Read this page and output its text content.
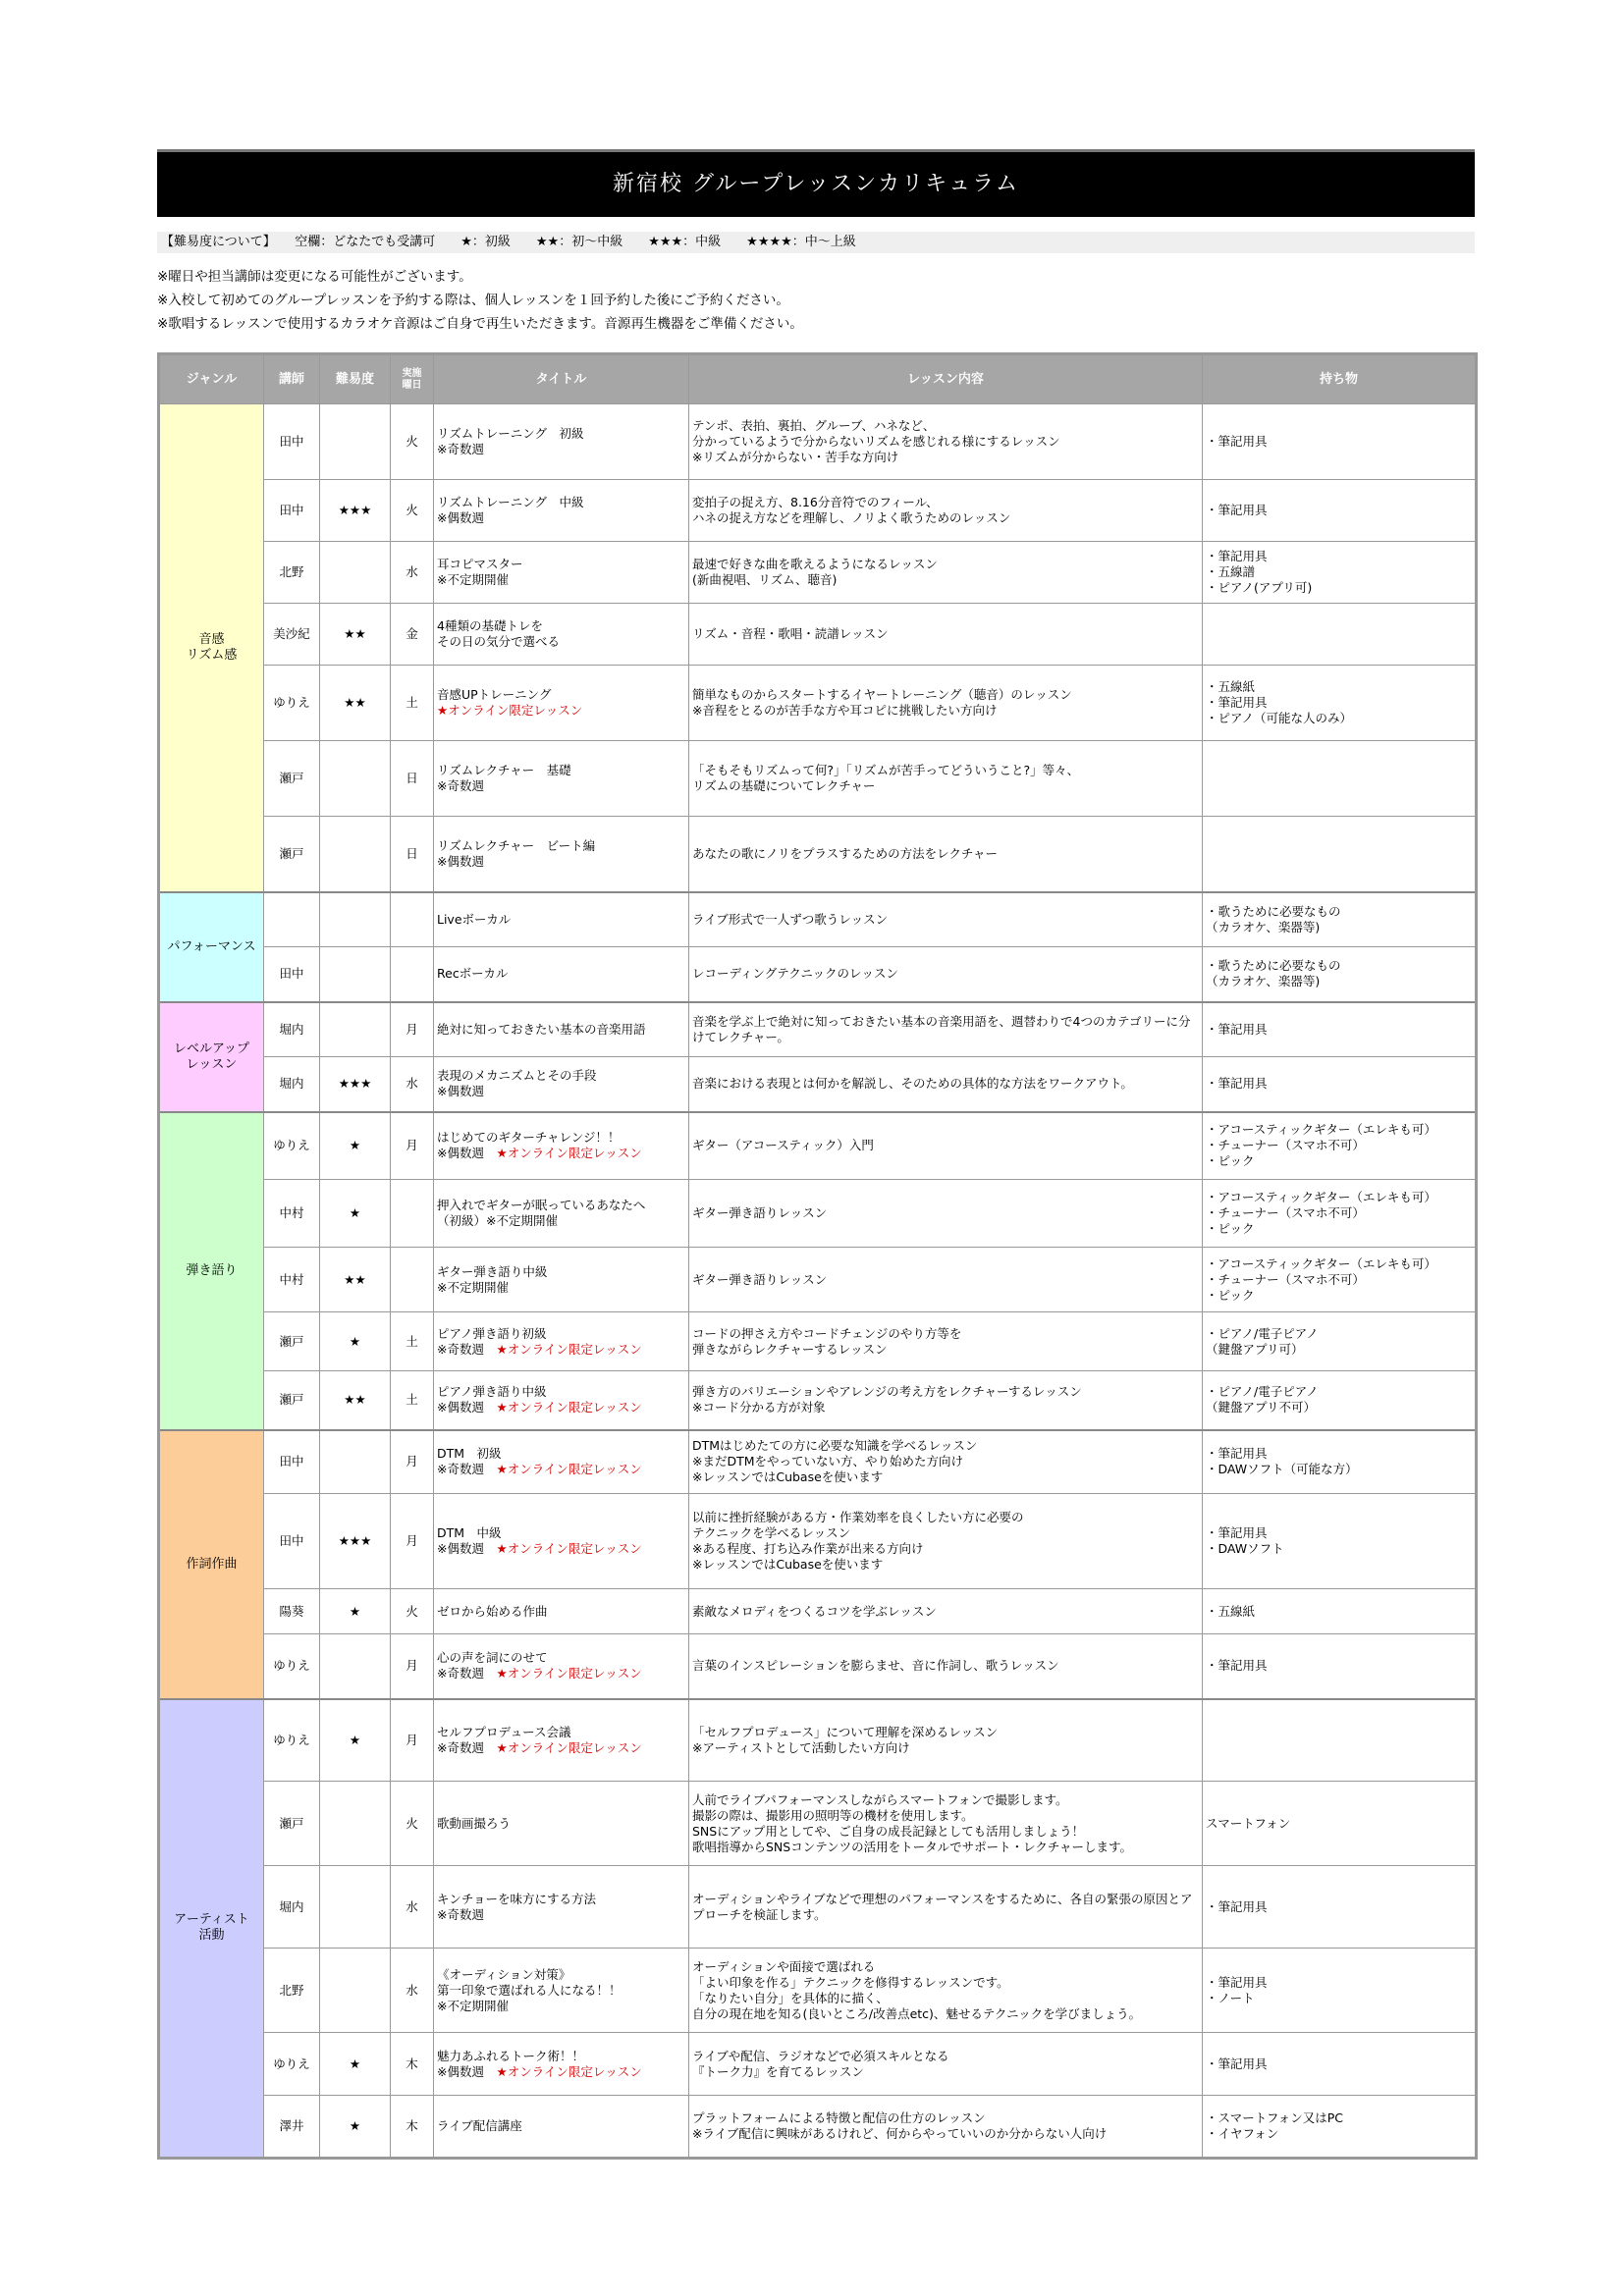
新宿校 グループレッスンカリキュラム
【難易度について】　　空欄：どなたでも受講可　　★：初級　　★★：初〜中級　　★★★：中級　　★★★★：中〜上級
※曜日や担当講師は変更になる可能性がございます。
※入校して初めてのグループレッスンを予約する際は、個人レッスンを１回予約した後にご予約ください。
※歌唱するレッスンで使用するカラオケ音源はご自身で再生いただきます。音源再生機器をご準備ください。
ジャンル	講師	難易度	実施
曜日	タイトル	レッスン内容	持ち物
音感
リズム感	田中		火	リズムトレーニング　初級
※奇数週	テンポ、表拍、裏拍、グルーブ、ハネなど、
分かっているようで分からないリズムを感じれる様にするレッスン
※リズムが分からない・苦手な方向け	・筆記用具
	田中	★★★	火	リズムトレーニング　中級
※偶数週	変拍子の捉え方、8.16分音符でのフィール、
ハネの捉え方などを理解し、ノリよく歌うためのレッスン	・筆記用具
	北野		水	耳コピマスター
※不定期開催	最速で好きな曲を歌えるようになるレッスン
(新曲視唱、リズム、聴音)	・筆記用具
・五線譜
・ピアノ(アプリ可)
	美沙紀	★★	金	4種類の基礎トレを
その日の気分で選べる	リズム・音程・歌唱・読譜レッスン	
	ゆりえ	★★	土	音感UPトレーニング
★オンライン限定レッスン	簡単なものからスタートするイヤートレーニング（聴音）のレッスン
※音程をとるのが苦手な方や耳コピに挑戦したい方向け	・五線紙
・筆記用具
・ピアノ（可能な人のみ）
	瀬戸		日	リズムレクチャー　基礎
※奇数週	「そもそもリズムって何?」「リズムが苦手ってどういうこと?」等々、
リズムの基礎についてレクチャー	
	瀬戸		日	リズムレクチャー　ビート編
※偶数週	あなたの歌にノリをプラスするための方法をレクチャー	
パフォーマンス				Liveボーカル	ライブ形式で一人ずつ歌うレッスン	・歌うために必要なもの
（カラオケ、楽器等)
	田中			Recボーカル	レコーディングテクニックのレッスン	・歌うために必要なもの
（カラオケ、楽器等)
レベルアップ
レッスン	堀内		月	絶対に知っておきたい基本の音楽用語	音楽を学ぶ上で絶対に知っておきたい基本の音楽用語を、週替わりで4つのカテゴリーに分けてレクチャー。	・筆記用具
	堀内	★★★	水	表現のメカニズムとその手段
※偶数週	音楽における表現とは何かを解説し、そのための具体的な方法をワークアウト。	・筆記用具
弾き語り	ゆりえ	★	月	はじめてのギターチャレンジ！！
※偶数週　★オンライン限定レッスン	ギター（アコースティック）入門	・アコースティックギター（エレキも可）
・チューナー（スマホ不可）
・ピック
	中村	★		押入れでギターが眠っているあなたへ
（初級）※不定期開催	ギター弾き語りレッスン	・アコースティックギター（エレキも可）
・チューナー（スマホ不可）
・ピック
	中村	★★		ギター弾き語り中級
※不定期開催	ギター弾き語りレッスン	・アコースティックギター（エレキも可）
・チューナー（スマホ不可）
・ピック
	瀬戸	★	土	ピアノ弾き語り初級
※奇数週　★オンライン限定レッスン	コードの押さえ方やコードチェンジのやり方等を
弾きながらレクチャーするレッスン	・ピアノ/電子ピアノ
（鍵盤アプリ可）
	瀬戸	★★	土	ピアノ弾き語り中級
※偶数週　★オンライン限定レッスン	弾き方のバリエーションやアレンジの考え方をレクチャーするレッスン
※コード分かる方が対象	・ピアノ/電子ピアノ
（鍵盤アプリ不可）
作詞作曲	田中		月	DTM　初級
※奇数週　★オンライン限定レッスン	DTMはじめたての方に必要な知識を学べるレッスン
※まだDTMをやっていない方、やり始めた方向け
※レッスンではCubaseを使います	・筆記用具
・DAWソフト（可能な方）
	田中	★★★	月	DTM　中級
※偶数週　★オンライン限定レッスン	以前に挫折経験がある方・作業効率を良くしたい方に必要の
テクニックを学べるレッスン
※ある程度、打ち込み作業が出来る方向け
※レッスンではCubaseを使います	・筆記用具
・DAWソフト
	陽葵	★	火	ゼロから始める作曲	素敵なメロディをつくるコツを学ぶレッスン	・五線紙
	ゆりえ		月	心の声を詞にのせて
※奇数週　★オンライン限定レッスン	言葉のインスピレーションを膨らませ、音に作詞し、歌うレッスン	・筆記用具
アーティスト
活動	ゆりえ	★	月	セルフプロデュース会議
※奇数週　★オンライン限定レッスン	「セルフプロデュース」について理解を深めるレッスン
※アーティストとして活動したい方向け	
	瀬戸		火	歌動画撮ろう	人前でライブパフォーマンスしながらスマートフォンで撮影します。
撮影の際は、撮影用の照明等の機材を使用します。
SNSにアップ用としてや、ご自身の成長記録としても活用しましょう！
歌唱指導からSNSコンテンツの活用をトータルでサポート・レクチャーします。	スマートフォン
	堀内		水	キンチョーを味方にする方法
※奇数週	オーディションやライブなどで理想のパフォーマンスをするために、各自の緊張の原因とアプローチを検証します。	・筆記用具
	北野		水	《オーディション対策》
第一印象で選ばれる人になる！！
※不定期開催	オーディションや面接で選ばれる
「よい印象を作る」テクニックを修得するレッスンです。
「なりたい自分」を具体的に描く、
自分の現在地を知る(良いところ/改善点etc)、魅せるテクニックを学びましょう。	・筆記用具
・ノート
	ゆりえ	★	木	魅力あふれるトーク術！！
※偶数週　★オンライン限定レッスン	ライブや配信、ラジオなどで必須スキルとなる
『トーク力』を育てるレッスン	・筆記用具
	澤井	★	木	ライブ配信講座	プラットフォームによる特徴と配信の仕方のレッスン
※ライブ配信に興味があるけれど、何からやっていいのか分からない人向け	・スマートフォン又はPC
・イヤフォン
